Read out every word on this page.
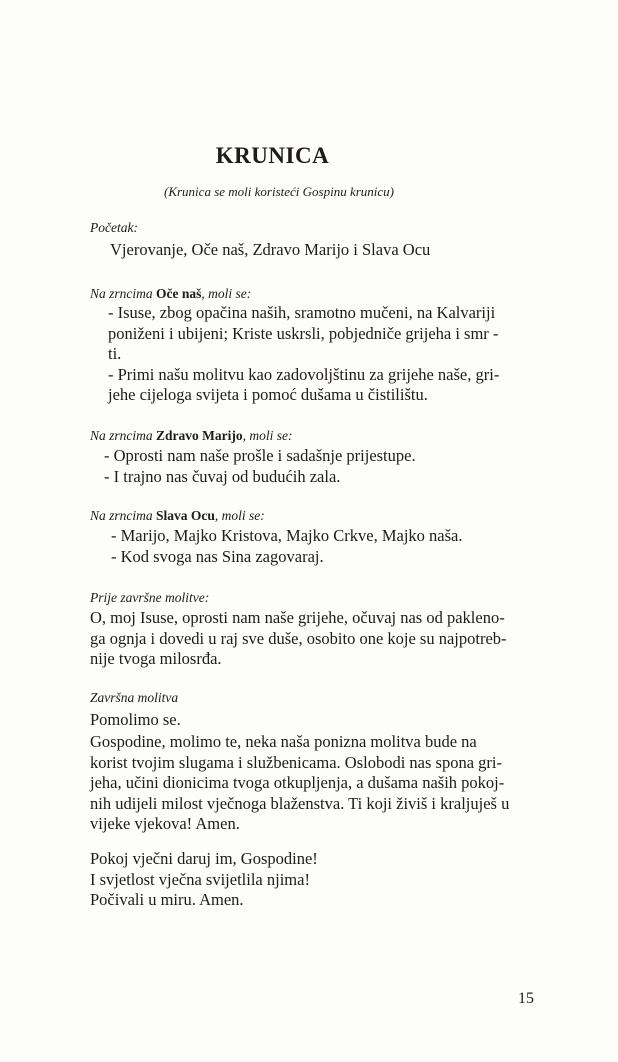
KRUNICA
(Krunica se moli koristeći Gospinu krunicu)
Početak:
Vjerovanje, Oče naš, Zdravo Marijo i Slava Ocu
Na zrncima Oče naš, moli se:
- Isuse, zbog opačina naših, sramotno mučeni, na Kalvariji
poniženi i ubijeni; Kriste uskrsli, pobjedniče grijeha i smr -
ti.
- Primi našu molitvu kao zadovoljštinu za grijehe naše, gri-
jehe cijeloga svijeta i pomoć dušama u čistilištu.
Na zrncima Zdravo Marijo, moli se:
- Oprosti nam naše prošle i sadašnje prijestupe.
- I trajno nas čuvaj od budućih zala.
Na zrncima Slava Ocu, moli se:
- Marijo, Majko Kristova, Majko Crkve, Majko naša.
- Kod svoga nas Sina zagovaraj.
Prije završne molitve:
O, moj Isuse, oprosti nam naše grijehe, očuvaj nas od pakleno-
ga ognja i dovedi u raj sve duše, osobito one koje su najpotreb-
nije tvoga milosrđa.
Završna molitva
Pomolimo se.
Gospodine, molimo te, neka naša ponizna molitva bude na
korist tvojim slugama i službenicama. Oslobodi nas spona gri-
jeha, učini dionicima tvoga otkupljenja, a dušama naših pokoj-
nih udijeli milost vječnoga blaženstva. Ti koji živiš i kraljuješ u
vijeke vjekova! Amen.
Pokoj vječni daruj im, Gospodine!
I svjetlost vječna svijetlila njima!
Počivali u miru. Amen.
15
